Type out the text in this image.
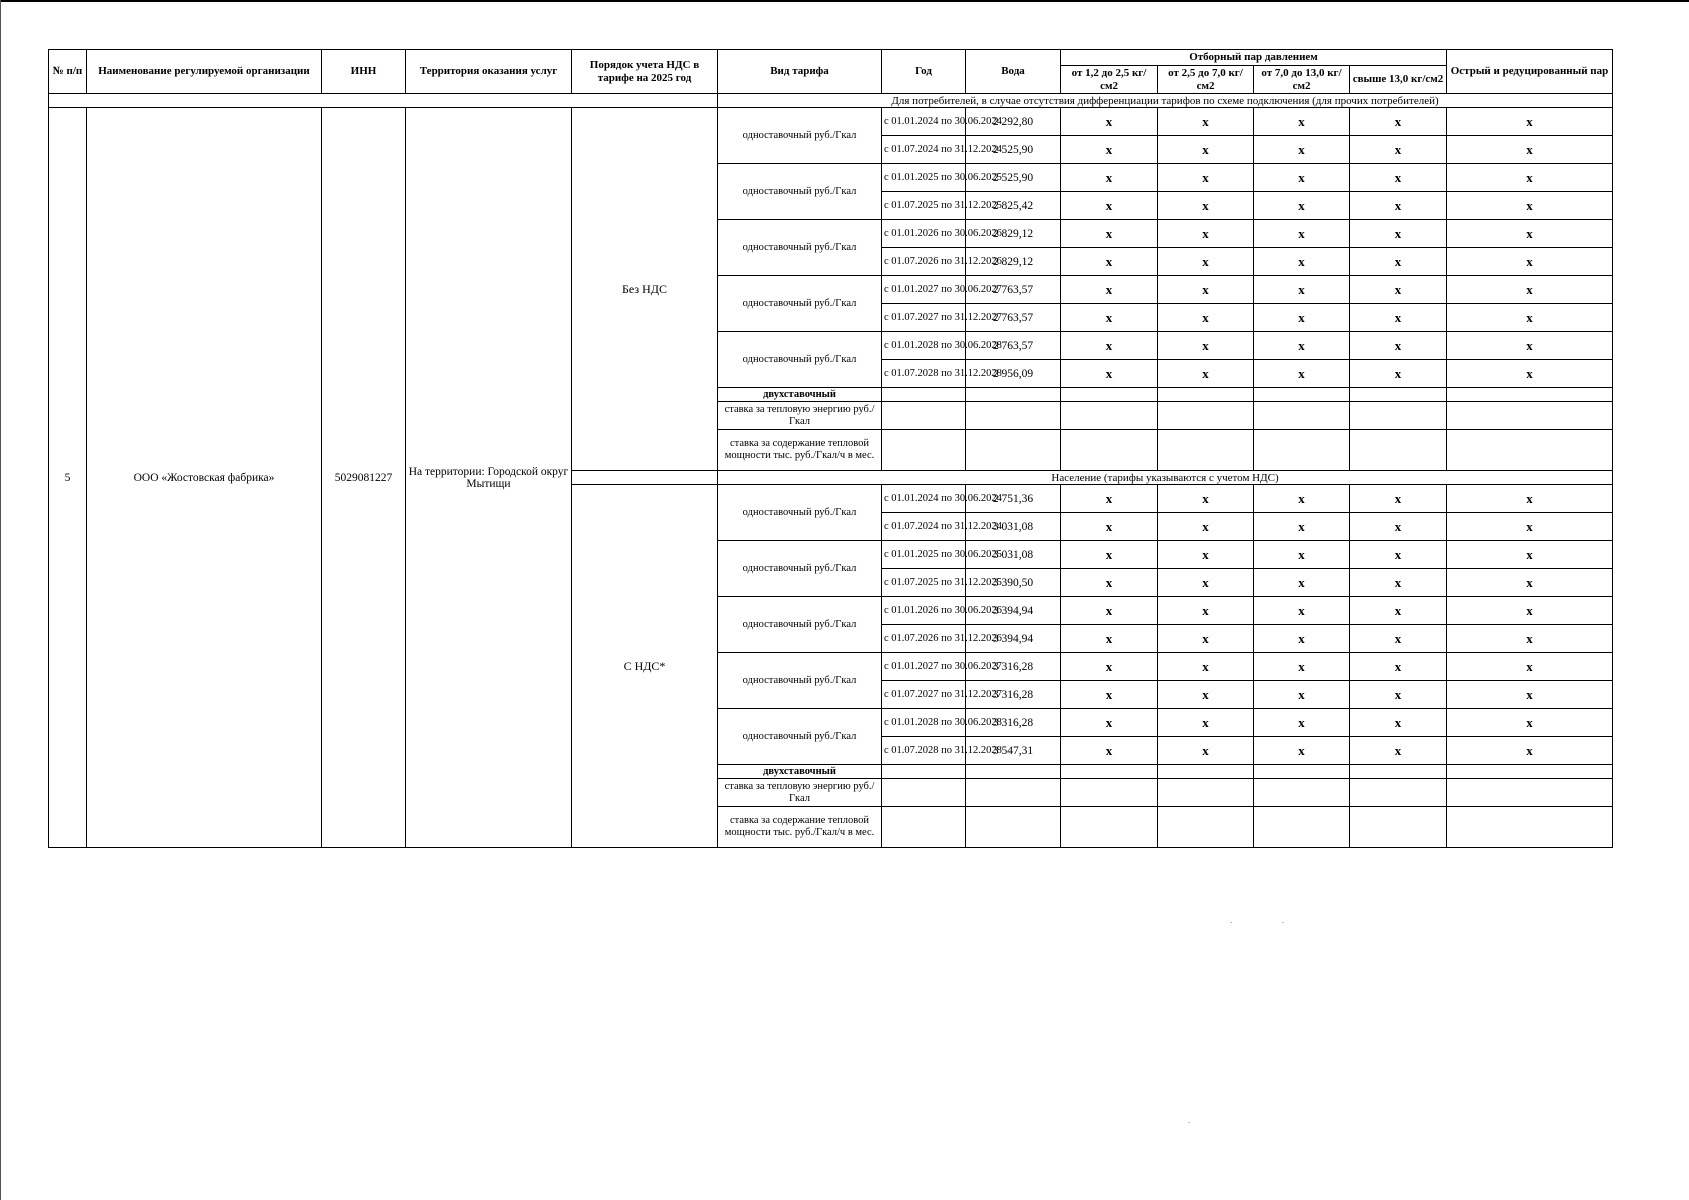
№ п/п	Наименование регулируемой организации	ИНН	Территория оказания услуг	Порядок учета НДС в тарифе на 2025 год	Вид тарифа	Год	Вода	Отборный пар давлением				Острый и редуцированный пар
								от 1,2 до 2,5 кг/см2	от 2,5 до 7,0 кг/см2	от 7,0 до 13,0 кг/см2	свыше 13,0 кг/см2	
					Для потребителей, в случае отсутствия дифференциации тарифов по схеме подключения (для прочих потребителей)							
5	ООО «Жостовская фабрика»	5029081227	На территории: Городской округ Мытищи	Без НДС	одноставочный руб./Гкал	с 01.01.2024 по 30.06.2024	2 292,80	x	x	x	x	x
						с 01.07.2024 по 31.12.2024	2 525,90	x	x	x	x	x
					одноставочный руб./Гкал	с 01.01.2025 по 30.06.2025	2 525,90	x	x	x	x	x
						с 01.07.2025 по 31.12.2025	2 825,42	x	x	x	x	x
					одноставочный руб./Гкал	с 01.01.2026 по 30.06.2026	2 829,12	x	x	x	x	x
						с 01.07.2026 по 31.12.2026	2 829,12	x	x	x	x	x
					одноставочный руб./Гкал	с 01.01.2027 по 30.06.2027	2 763,57	x	x	x	x	x
						с 01.07.2027 по 31.12.2027	2 763,57	x	x	x	x	x
					одноставочный руб./Гкал	с 01.01.2028 по 30.06.2028	2 763,57	x	x	x	x	x
						с 01.07.2028 по 31.12.2028	2 956,09	x	x	x	x	x
					двухставочный							
					ставка за тепловую энергию руб./Гкал							
					ставка за содержание тепловой мощности тыс. руб./Гкал/ч в мес.							
					Население (тарифы указываются с учетом НДС)							
				С НДС*	одноставочный руб./Гкал	с 01.01.2024 по 30.06.2024	2 751,36	x	x	x	x	x
						с 01.07.2024 по 31.12.2024	3 031,08	x	x	x	x	x
					одноставочный руб./Гкал	с 01.01.2025 по 30.06.2025	3 031,08	x	x	x	x	x
						с 01.07.2025 по 31.12.2025	3 390,50	x	x	x	x	x
					одноставочный руб./Гкал	с 01.01.2026 по 30.06.2026	3 394,94	x	x	x	x	x
						с 01.07.2026 по 31.12.2026	3 394,94	x	x	x	x	x
					одноставочный руб./Гкал	с 01.01.2027 по 30.06.2027	3 316,28	x	x	x	x	x
						с 01.07.2027 по 31.12.2027	3 316,28	x	x	x	x	x
					одноставочный руб./Гкал	с 01.01.2028 по 30.06.2028	3 316,28	x	x	x	x	x
						с 01.07.2028 по 31.12.2028	3 547,31	x	x	x	x	x
					двухставочный							
					ставка за тепловую энергию руб./Гкал							
					ставка за содержание тепловой мощности тыс. руб./Гкал/ч в мес.							
